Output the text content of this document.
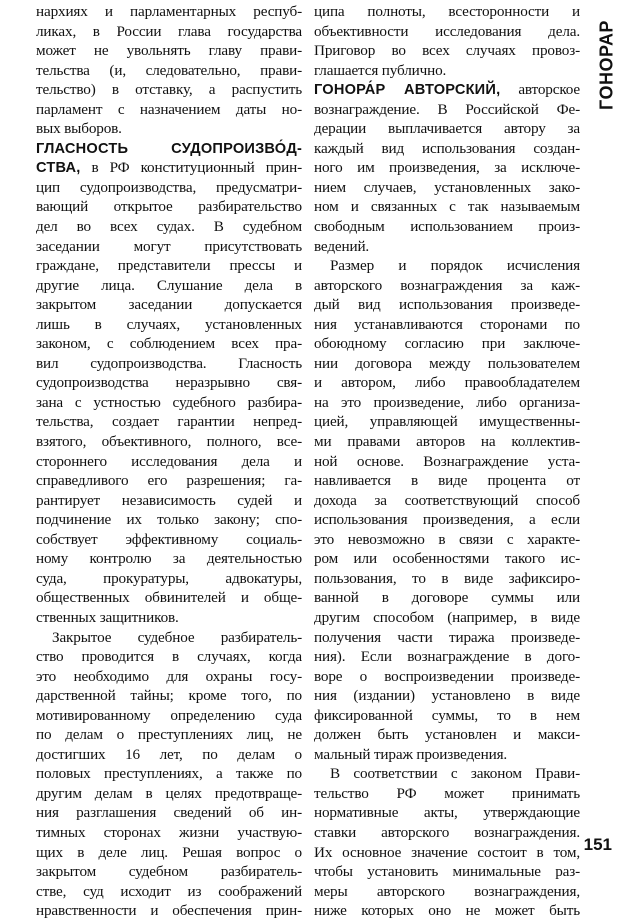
ГОНОРАР
нархиях и парламентарных респуб-
ликах, в России глава государства
может не увольнять главу прави-
тельства (и, следовательно, прави-
тельство) в отставку, а распустить
парламент с назначением даты но-
вых выборов.
ГЛАСНОСТЬ СУДОПРОИЗВО́Д-
СТВА, в РФ конституционный прин-
цип судопроизводства, предусматри-
вающий открытое разбирательство
дел во всех судах. В судебном
заседании могут присутствовать
граждане, представители прессы и
другие лица. Слушание дела в
закрытом заседании допускается
лишь в случаях, установленных
законом, с соблюдением всех пра-
вил судопроизводства. Гласность
судопроизводства неразрывно свя-
зана с устностью судебного разбира-
тельства, создает гарантии непред-
взятого, объективного, полного, все-
стороннего исследования дела и
справедливого его разрешения; га-
рантирует независимость судей и
подчинение их только закону; спо-
собствует эффективному социаль-
ному контролю за деятельностью
суда, прокуратуры, адвокатуры,
общественных обвинителей и обще-
ственных защитников.
Закрытое судебное разбиратель-
ство проводится в случаях, когда
это необходимо для охраны госу-
дарственной тайны; кроме того, по
мотивированному определению суда
по делам о преступлениях лиц, не
достигших 16 лет, по делам о
половых преступлениях, а также по
другим делам в целях предотвраще-
ния разглашения сведений об ин-
тимных сторонах жизни участвую-
щих в деле лиц. Решая вопрос о
закрытом судебном разбиратель-
стве, суд исходит из соображений
нравственности и обеспечения прин-
ципа полноты, всесторонности и
объективности исследования дела.
Приговор во всех случаях провоз-
глашается публично.
ГОНОРА́Р АВТОРСКИЙ, авторское
вознаграждение. В Российской Фе-
дерации выплачивается автору за
каждый вид использования создан-
ного им произведения, за исключе-
нием случаев, установленных зако-
ном и связанных с так называемым
свободным использованием произ-
ведений.
Размер и порядок исчисления
авторского вознаграждения за каж-
дый вид использования произведе-
ния устанавливаются сторонами по
обоюдному согласию при заключе-
нии договора между пользователем
и автором, либо правообладателем
на это произведение, либо организа-
цией, управляющей имущественны-
ми правами авторов на коллектив-
ной основе. Вознаграждение уста-
навливается в виде процента от
дохода за соответствующий способ
использования произведения, а если
это невозможно в связи с характе-
ром или особенностями такого ис-
пользования, то в виде зафиксиро-
ванной в договоре суммы или
другим способом (например, в виде
получения части тиража произведе-
ния). Если вознаграждение в дого-
воре о воспроизведении произведе-
ния (издании) установлено в виде
фиксированной суммы, то в нем
должен быть установлен и макси-
мальный тираж произведения.
В соответствии с законом Прави-
тельство РФ может принимать
нормативные акты, утверждающие
ставки авторского вознаграждения.
Их основное значение состоит в том,
чтобы установить минимальные раз-
меры авторского вознаграждения,
ниже которых оно не может быть
151
